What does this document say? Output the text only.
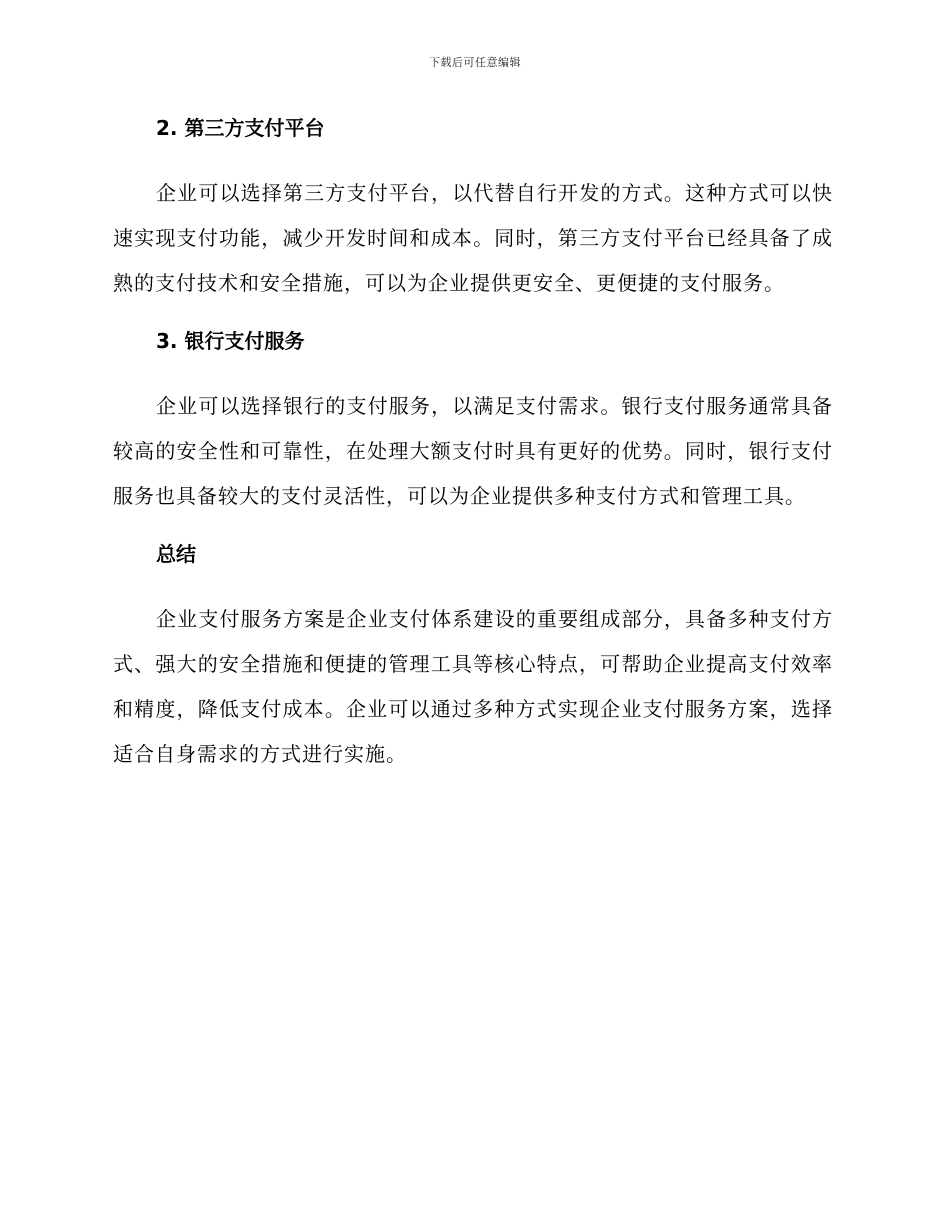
下载后可任意编辑
2. 第三方支付平台

企业可以选择第三方支付平台，以代替自行开发的方式。这种方式可以快速实现支付功能，减少开发时间和成本。同时，第三方支付平台已经具备了成熟的支付技术和安全措施，可以为企业提供更安全、更便捷的支付服务。

3. 银行支付服务

企业可以选择银行的支付服务，以满足支付需求。银行支付服务通常具备较高的安全性和可靠性，在处理大额支付时具有更好的优势。同时，银行支付服务也具备较大的支付灵活性，可以为企业提供多种支付方式和管理工具。

总结

企业支付服务方案是企业支付体系建设的重要组成部分，具备多种支付方式、强大的安全措施和便捷的管理工具等核心特点，可帮助企业提高支付效率和精度，降低支付成本。企业可以通过多种方式实现企业支付服务方案，选择适合自身需求的方式进行实施。
